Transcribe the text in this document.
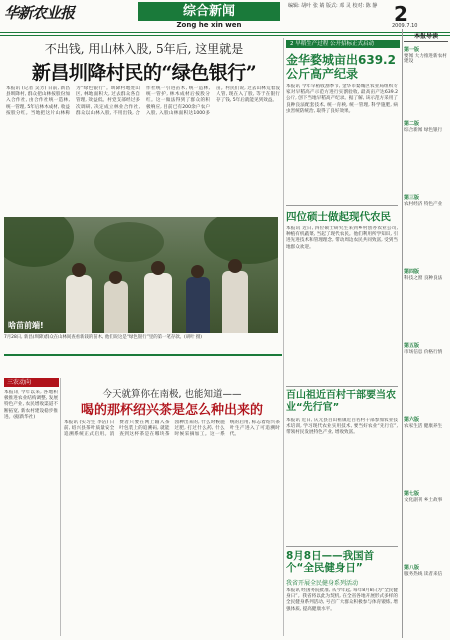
华新农业报	综合新闻
Zong he xin wen
编辑: 胡叶 张 婧 版式: 邓 灵 校对: 陈 静 2
2009.7.10
不出钱, 用山林入股, 5年后, 这里就是
新昌圳降村民的“绿色银行”
本报讯 (记者 吴芳) 日前, 新昌县圳降村, 群众把山林按股份加入合作社, 由合作社统一造林, 统一管理, 5年后林木成材, 收益按股分红。当地把这片山林称为“绿色银行”。圳降村地处山区, 林地面积大, 过去群众各自管理, 效益低。村党支部经过多次调研, 决定成立林业合作社, 群众以山林入股, 不用出钱, 合作社统一引进苗木, 统一造林, 统一管护, 林木成材后按股分红。这一做法得到了群众的积极响应, 目前已有200余户农户入股, 入股山林面积达1000多亩。村民们说, 过去山林荒着没人管, 现在入了股, 等于在银行存了钱, 5年后就能见到效益。
啥苗前端!
7月28日, 新昌(圳降)群众在山林间查看新栽的苗木, 他们说这是“绿色银行”里的第一笔存款。(胡叶 摄)
三农动向
本报讯 今年以来, 各地积极推进农业结构调整, 发展特色产业, 农民增收渠道不断拓宽, 新农村建设稳步推进。(据新华社)
今天就算你在南极, 也能知道——
喝的那杯绍兴茶是怎么种出来的
本报讯 (实习生 李洁) 日前, 绍兴县茶叶质量安全追溯系统正式启用。消费者只要在网上输入茶叶包装上的追溯码, 就能查到这杯茶是在哪块茶园种出来的, 什么时候施过肥, 打过什么药, 什么时候采摘加工。这一系统的启用, 标志着绍兴茶叶生产进入了可追溯时代。
2 早稻生产过程 公开招标正式启动
金华婺城亩出639.2公斤高产纪录
本报讯 今年早稻收割季节, 金华市婺城区农业局组织专家对早稻高产示范方进行实割验收, 最高亩产达639.2公斤, 创下当地早稻高产纪录。据了解, 该示范方采用了良种良法配套技术, 统一育秧, 统一管理, 科学施肥, 病虫害统防统治, 取得了良好效果。
四位硕士做起现代农民
本报讯 近日, 四位硕士研究生来到乡村创办农业公司, 种植有机蔬菜, 当起了现代农民。他们利用所学知识, 引进先进技术和管理理念, 带动周边农民共同致富, 受到当地群众欢迎。
百山祖近百村干部要当农业“先行官”
本报讯 近日, 庆元县百山祖镇近百名村干部参加农业技术培训, 学习现代农业实用技术, 要当好农业“先行官”, 带领村民发展特色产业, 增收致富。
8月8日——我国首个“全民健身日”
我省开展全民健身系列活动
本报讯 经国务院批准, 从今年起, 每年8月8日为“全民健身日”。我省将以此为契机, 在全省各地开展形式多样的全民健身系列活动, 号召广大群众积极参与体育锻炼, 增强体质, 提高健康水平。
本报导读
第一版
要闻 大力推进新农村建设
第二版
综合新闻 绿色银行
第三版
农村经济 特色产业
第四版
科技之窗 良种良法
第五版
市场信息 价格行情
第六版
农家生活 健康养生
第七版
文化副刊 乡土故事
第八版
服务热线 读者来信
